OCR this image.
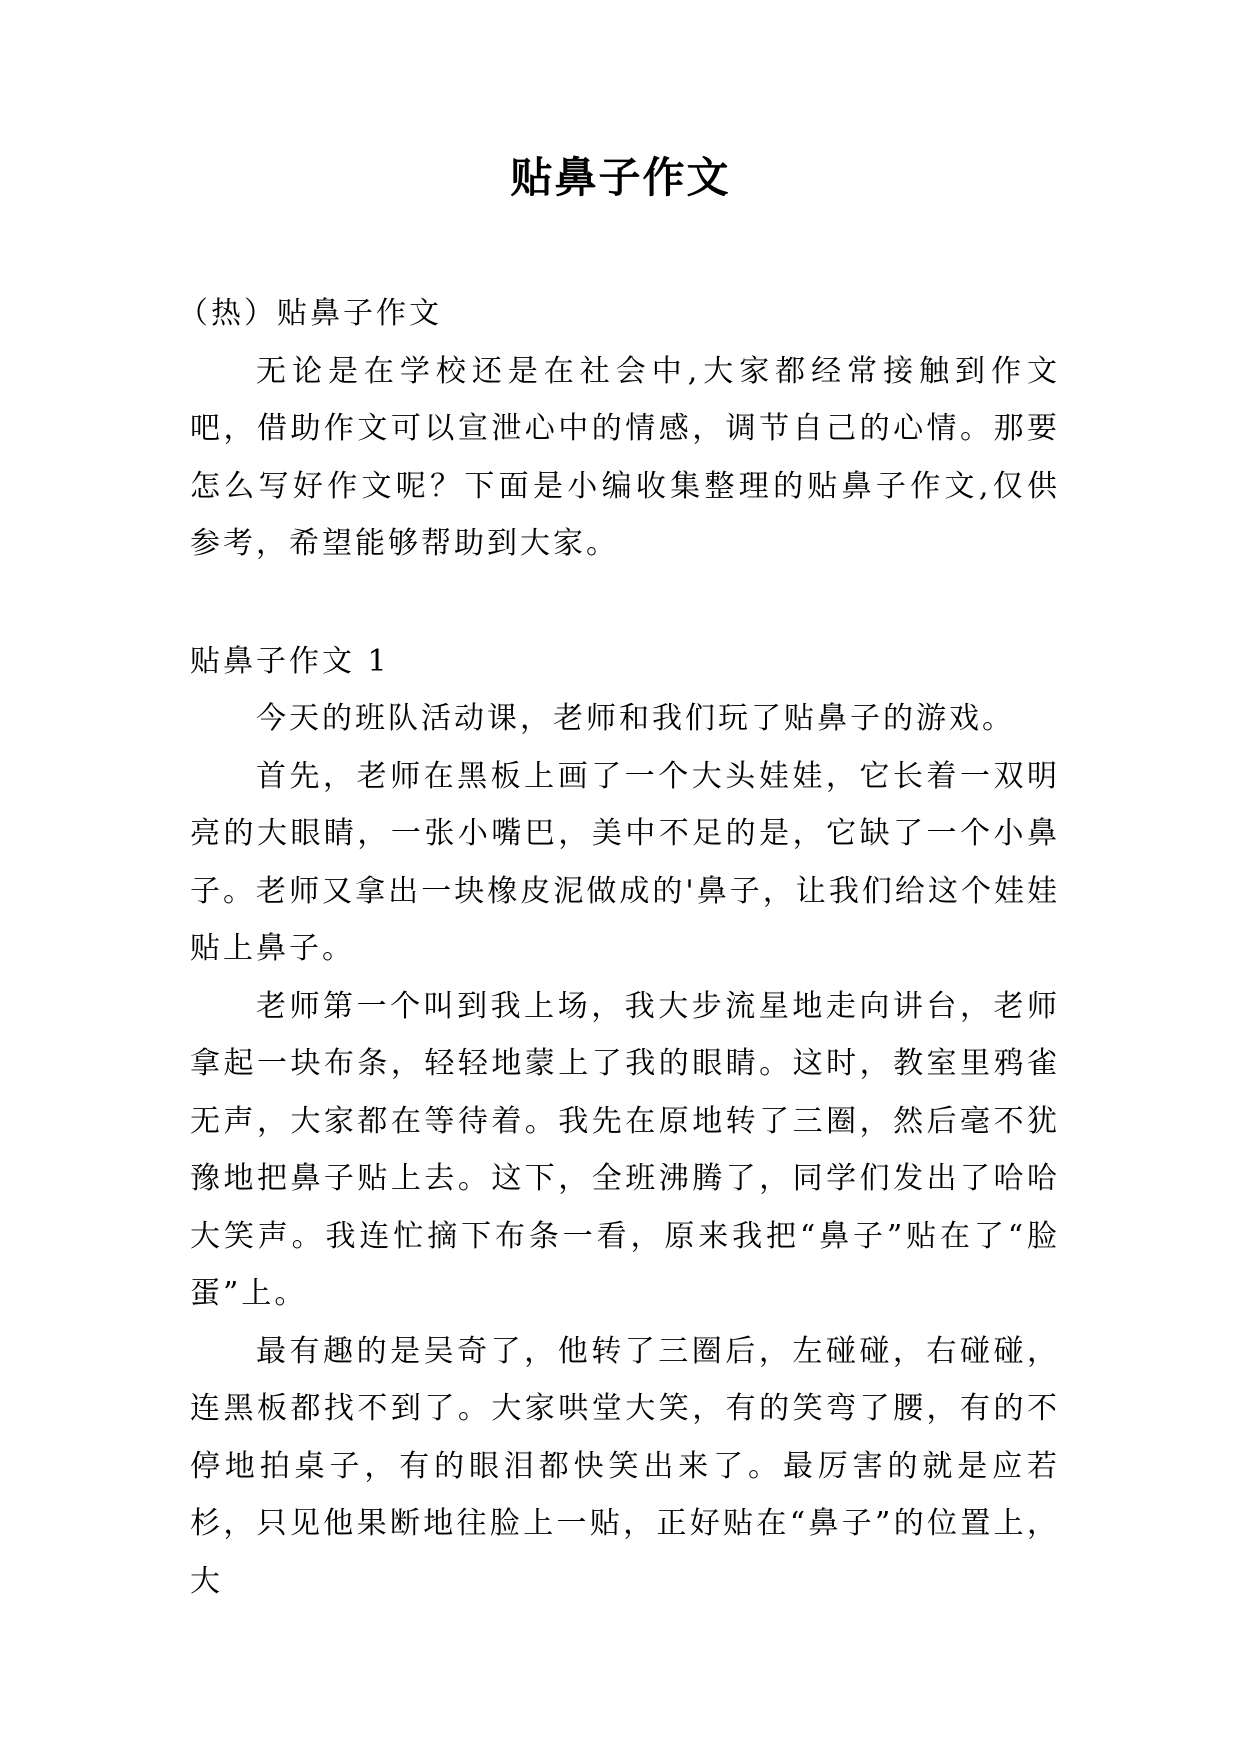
贴鼻子作文

（热）贴鼻子作文

无论是在学校还是在社会中,大家都经常接触到作文吧，借助作文可以宣泄心中的情感，调节自己的心情。那要怎么写好作文呢？下面是小编收集整理的贴鼻子作文,仅供参考，希望能够帮助到大家。

贴鼻子作文 1

今天的班队活动课，老师和我们玩了贴鼻子的游戏。

首先，老师在黑板上画了一个大头娃娃，它长着一双明亮的大眼睛，一张小嘴巴，美中不足的是，它缺了一个小鼻子。老师又拿出一块橡皮泥做成的'鼻子，让我们给这个娃娃贴上鼻子。

老师第一个叫到我上场，我大步流星地走向讲台，老师拿起一块布条，轻轻地蒙上了我的眼睛。这时，教室里鸦雀无声，大家都在等待着。我先在原地转了三圈，然后毫不犹豫地把鼻子贴上去。这下，全班沸腾了，同学们发出了哈哈大笑声。我连忙摘下布条一看，原来我把“鼻子”贴在了“脸蛋”上。

最有趣的是吴奇了，他转了三圈后，左碰碰，右碰碰，连黑板都找不到了。大家哄堂大笑，有的笑弯了腰，有的不停地拍桌子，有的眼泪都快笑出来了。最厉害的就是应若杉，只见他果断地往脸上一贴，正好贴在“鼻子”的位置上，大
